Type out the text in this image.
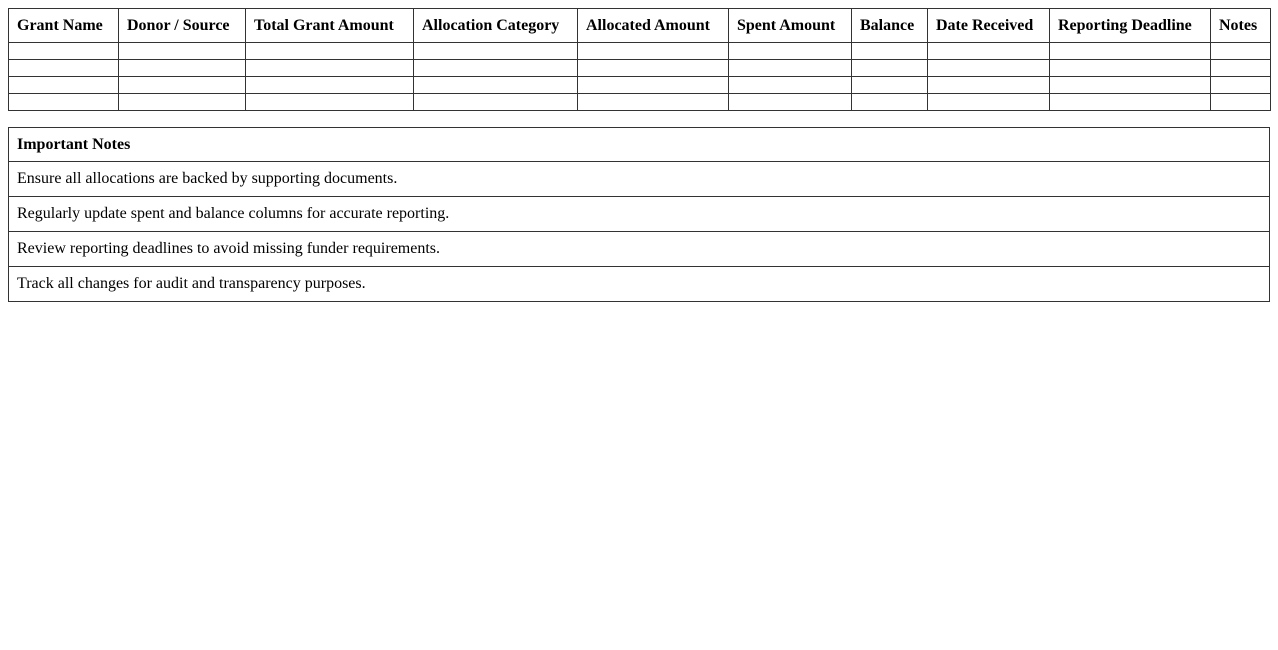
Grant Name	Donor / Source	Total Grant Amount	Allocation Category	Allocated Amount	Spent Amount	Balance	Date Received	Reporting Deadline	Notes

Important Notes
Ensure all allocations are backed by supporting documents.
Regularly update spent and balance columns for accurate reporting.
Review reporting deadlines to avoid missing funder requirements.
Track all changes for audit and transparency purposes.
